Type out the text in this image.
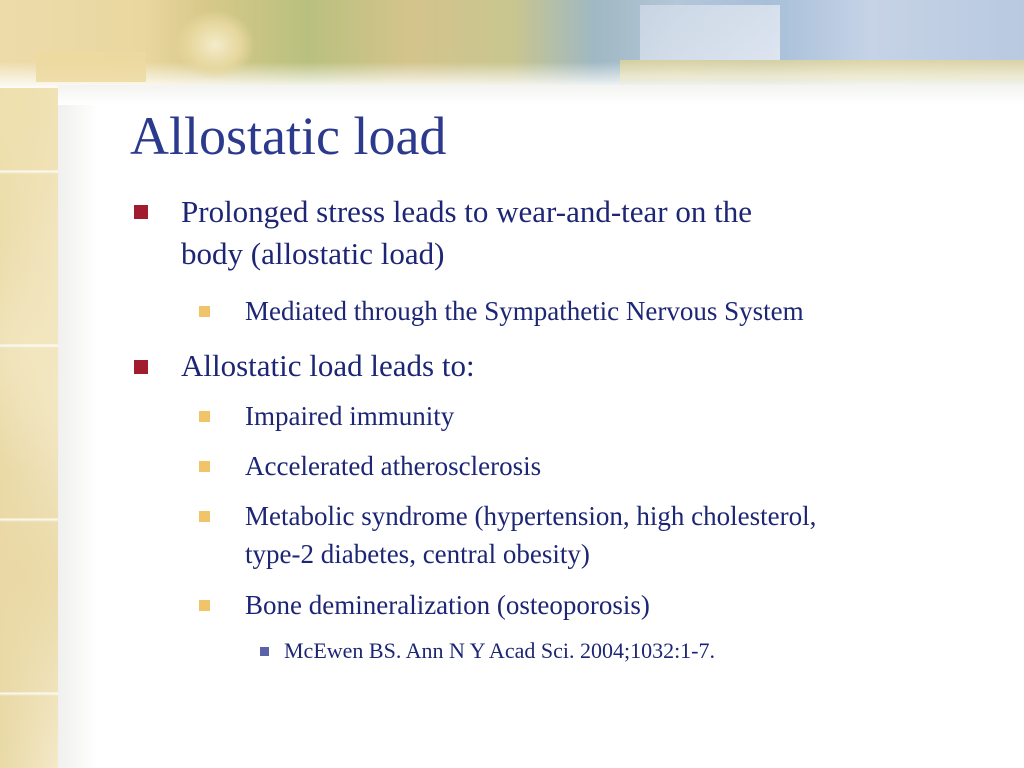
Allostatic load
Prolonged stress leads to wear-and-tear on the
body (allostatic load)
Mediated through the Sympathetic Nervous System
Allostatic load leads to:
Impaired immunity
Accelerated atherosclerosis
Metabolic syndrome (hypertension, high cholesterol,
type-2 diabetes, central obesity)
Bone demineralization (osteoporosis)
McEwen BS. Ann N Y Acad Sci. 2004;1032:1-7.
